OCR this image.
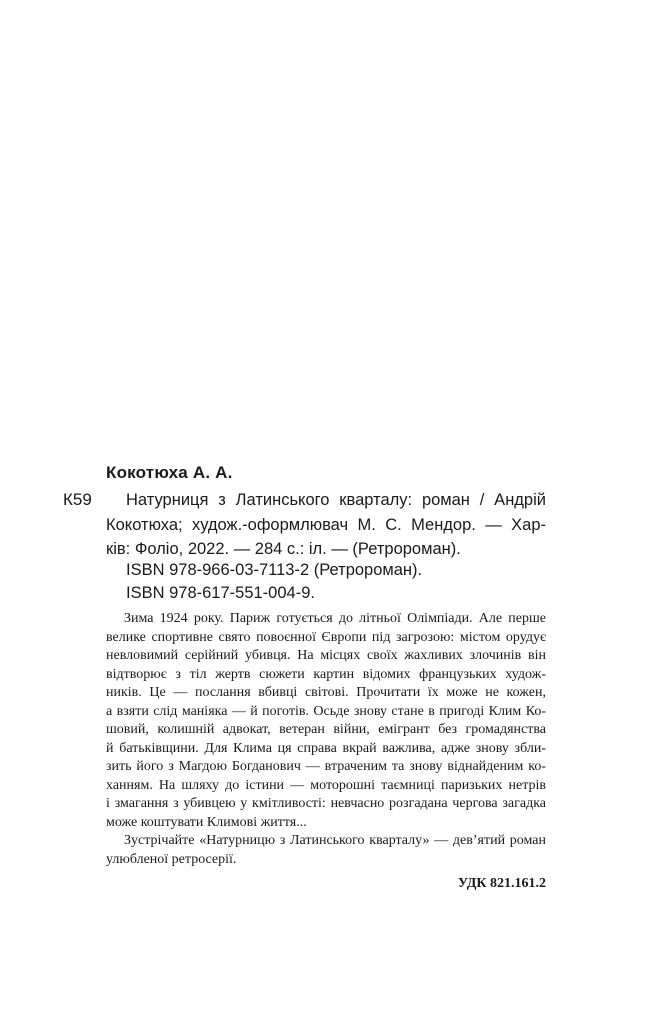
Кокотюха А. А.
К59	Натурниця з Латинського кварталу: роман / Андрій
Кокотюха; худож.-оформлювач М. С. Мендор. — Хар-
ків: Фоліо, 2022. — 284 с.: іл. — (Ретророман).
ISBN 978-966-03-7113-2 (Ретророман).
ISBN 978-617-551-004-9.
Зима 1924 року. Париж готується до літньої Олімпіади. Але перше
велике спортивне свято повоєнної Європи під загрозою: містом орудує
невловимий серійний убивця. На місцях своїх жахливих злочинів він
відтворює з тіл жертв сюжети картин відомих французьких худож-
ників. Це — послання вбивці світові. Прочитати їх може не кожен,
а взяти слід маніяка — й поготів. Осьде знову стане в пригоді Клим Ко-
шовий, колишній адвокат, ветеран війни, емігрант без громадянства
й батьківщини. Для Клима ця справа вкрай важлива, адже знову збли-
зить його з Магдою Богданович — втраченим та знову віднайденим ко-
ханням. На шляху до істини — моторошні таємниці паризьких нетрів
і змагання з убивцею у кмітливості: невчасно розгадана чергова загадка
може коштувати Климові життя...
Зустрічайте «Натурницю з Латинського кварталу» — дев’ятий роман
улюбленої ретросерії.
УДК 821.161.2
